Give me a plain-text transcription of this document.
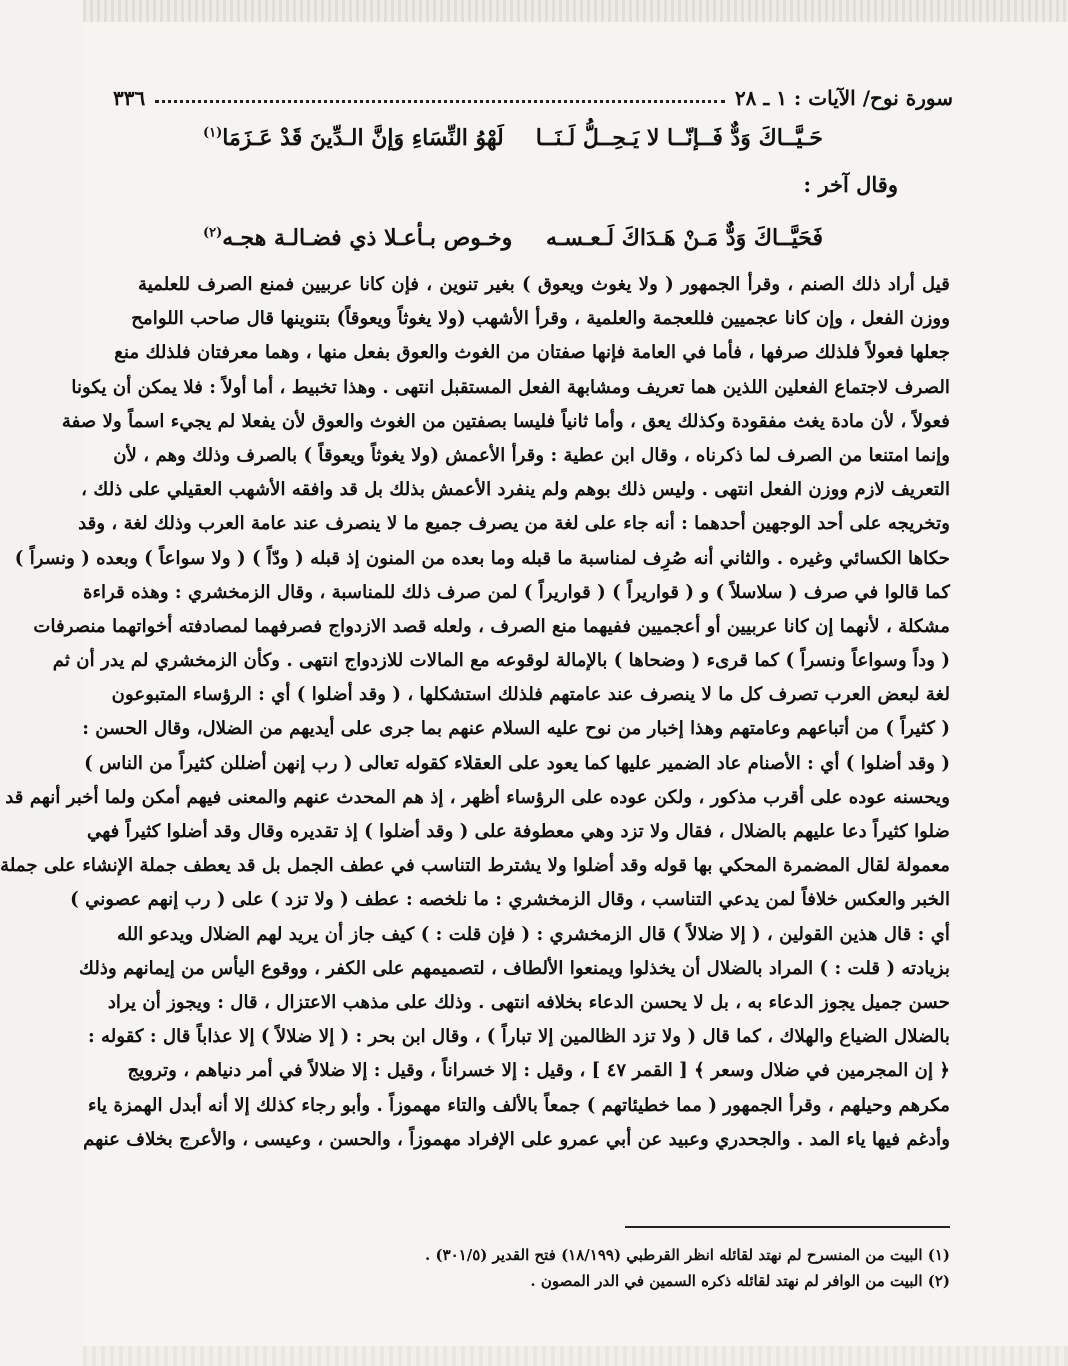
سورة نوح/ الآيات : ١ ـ ٢٨
٣٣٦
حَـيَّــاكَ وَدٌّ فَــإنّــا لا يَـحِــلُّ لَـنَــا
لَهْوُ النِّسَاءِ وَإنَّ الـدِّينَ قَدْ عَـزَمَا$^{(١)}$
وقال آخر :
فَحَيَّــاكَ وَدٌّ مَـنْ هَـدَاكَ لَـعـسـه
وخـوص بـأعـلا ذي فضـالـة هجـه$^{(٢)}$
قيل أراد ذلك الصنم ، وقرأ الجمهور ( ولا يغوث ويعوق ) بغير تنوين ، فإن كانا عربيين فمنع الصرف للعلمية
ووزن الفعل ، وإن كانا عجميين فللعجمة والعلمية ، وقرأ الأشهب (ولا يغوثاً ويعوقاً) بتنوينها قال صاحب اللوامح
جعلها فعولاً فلذلك صرفها ، فأما في العامة فإنها صفتان من الغوث والعوق بفعل منها ، وهما معرفتان فلذلك منع
الصرف لاجتماع الفعلين اللذين هما تعريف ومشابهة الفعل المستقبل انتهى . وهذا تخبيط ، أما أولاً : فلا يمكن أن يكونا
فعولاً ، لأن مادة يغث مفقودة وكذلك يعق ، وأما ثانياً فليسا بصفتين من الغوث والعوق لأن يفعلا لم يجيء اسماً ولا صفة
وإنما امتنعا من الصرف لما ذكرناه ، وقال ابن عطية : وقرأ الأعمش (ولا يغوثاً ويعوقاً ) بالصرف وذلك وهم ، لأن
التعريف لازم ووزن الفعل انتهى . وليس ذلك بوهم ولم ينفرد الأعمش بذلك بل قد وافقه الأشهب العقيلي على ذلك ،
وتخريجه على أحد الوجهين أحدهما : أنه جاء على لغة من يصرف جميع ما لا ينصرف عند عامة العرب وذلك لغة ، وقد
حكاها الكسائي وغيره . والثاني أنه صُرِف لمناسبة ما قبله وما بعده من المنون إذ قبله ( ودّاً ) ( ولا سواعاً ) وبعده ( ونسراً )
كما قالوا في صرف ( سلاسلاً ) و ( قواريراً ) ( قواريراً ) لمن صرف ذلك للمناسبة ، وقال الزمخشري : وهذه قراءة
مشكلة ، لأنهما إن كانا عربيين أو أعجميين ففيهما منع الصرف ، ولعله قصد الازدواج فصرفهما لمصادفته أخواتهما منصرفات
( وداً وسواعاً ونسراً ) كما قرىء ( وضحاها ) بالإمالة لوقوعه مع المالات للازدواج انتهى . وكأن الزمخشري لم يدر أن ثم
لغة لبعض العرب تصرف كل ما لا ينصرف عند عامتهم فلذلك استشكلها ، ( وقد أضلوا ) أي : الرؤساء المتبوعون
( كثيراً ) من أتباعهم وعامتهم وهذا إخبار من نوح عليه السلام عنهم بما جرى على أيديهم من الضلال، وقال الحسن :
( وقد أضلوا ) أي : الأصنام عاد الضمير عليها كما يعود على العقلاء كقوله تعالى ( رب إنهن أضللن كثيراً من الناس )
ويحسنه عوده على أقرب مذكور ، ولكن عوده على الرؤساء أظهر ، إذ هم المحدث عنهم والمعنى فيهم أمكن ولما أخبر أنهم قد
ضلوا كثيراً دعا عليهم بالضلال ، فقال ولا تزد وهي معطوفة على ( وقد أضلوا ) إذ تقديره وقال وقد أضلوا كثيراً فهي
معمولة لقال المضمرة المحكي بها قوله وقد أضلوا ولا يشترط التناسب في عطف الجمل بل قد يعطف جملة الإنشاء على جملة
الخبر والعكس خلافاً لمن يدعي التناسب ، وقال الزمخشري : ما نلخصه : عطف ( ولا تزد ) على ( رب إنهم عصوني )
أي : قال هذين القولين ، ( إلا ضلالاً ) قال الزمخشري : ( فإن قلت : ) كيف جاز أن يريد لهم الضلال ويدعو الله
بزيادته ( قلت : ) المراد بالضلال أن يخذلوا ويمنعوا الألطاف ، لتصميمهم على الكفر ، ووقوع اليأس من إيمانهم وذلك
حسن جميل يجوز الدعاء به ، بل لا يحسن الدعاء بخلافه انتهى . وذلك على مذهب الاعتزال ، قال : ويجوز أن يراد
بالضلال الضياع والهلاك ، كما قال ( ولا تزد الظالمين إلا تباراً ) ، وقال ابن بحر : ( إلا ضلالاً ) إلا عذاباً قال : كقوله :
﴿ إن المجرمين في ضلال وسعر ﴾ [ القمر ٤٧ ] ، وقيل : إلا خسراناً ، وقيل : إلا ضلالاً في أمر دنياهم ، وترويج
مكرهم وحيلهم ، وقرأ الجمهور ( مما خطيئاتهم ) جمعاً بالألف والتاء مهموزاً . وأبو رجاء كذلك إلا أنه أبدل الهمزة ياء
وأدغم فيها ياء المد . والجحدري وعبيد عن أبي عمرو على الإفراد مهموزاً ، والحسن ، وعيسى ، والأعرج بخلاف عنهم
(١) البيت من المنسرح لم نهتد لقائله انظر القرطبي (١٨/١٩٩) فتح القدير (٣٠١/٥) .
(٢) البيت من الوافر لم نهتد لقائله ذكره السمين في الدر المصون .
